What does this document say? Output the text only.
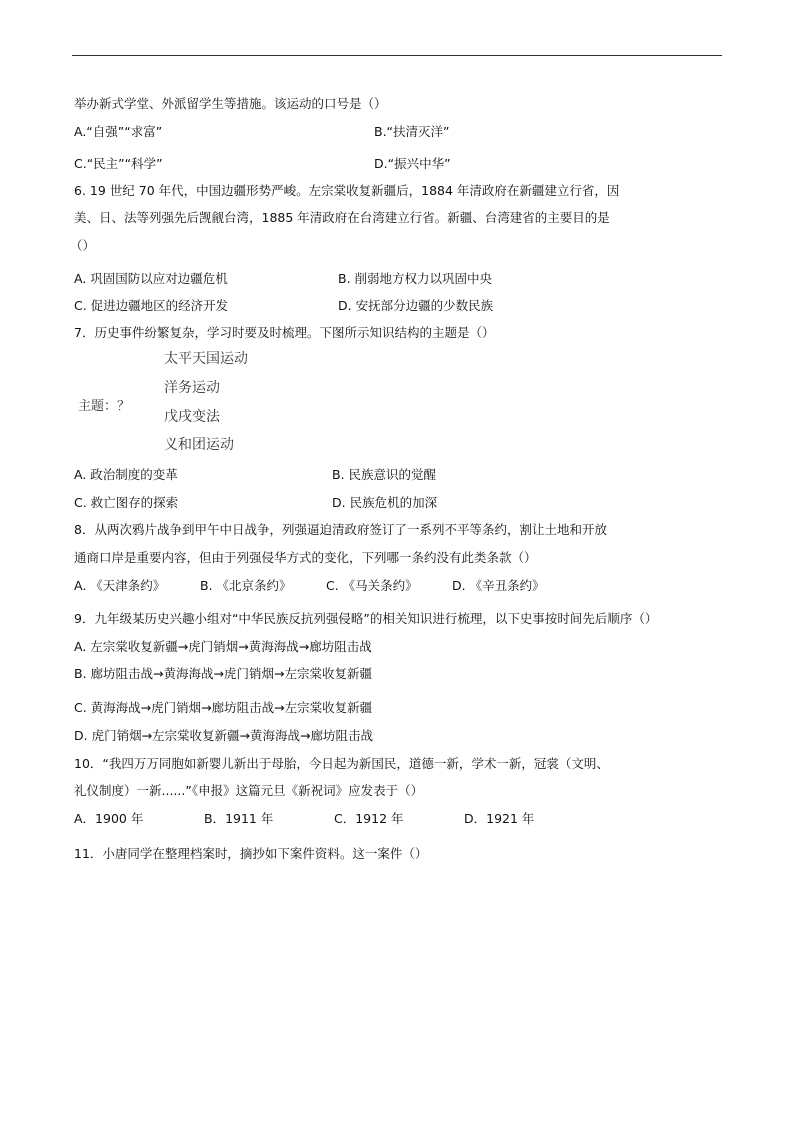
举办新式学堂、外派留学生等措施。该运动的口号是（）
A.“自强”“求富”	B.“扶清灭洋”
C.“民主”“科学”	D.“振兴中华”
6. 19 世纪 70 年代，中国边疆形势严峻。左宗棠收复新疆后，1884 年清政府在新疆建立行省，因
美、日、法等列强先后觊觎台湾，1885 年清政府在台湾建立行省。新疆、台湾建省的主要目的是
（）
A. 巩固国防以应对边疆危机	B. 削弱地方权力以巩固中央
C. 促进边疆地区的经济开发	D. 安抚部分边疆的少数民族
7．历史事件纷繁复杂，学习时要及时梳理。下图所示知识结构的主题是（）
太平天国运动
洋务运动
戊戌变法
义和团运动
主题：？
A. 政治制度的变革	B. 民族意识的觉醒
C. 救亡图存的探索	D. 民族危机的加深
8．从两次鸦片战争到甲午中日战争，列强逼迫清政府签订了一系列不平等条约，割让土地和开放
通商口岸是重要内容，但由于列强侵华方式的变化，下列哪一条约没有此类条款（）
A. 《天津条约》	B. 《北京条约》	C. 《马关条约》	D. 《辛丑条约》
9．九年级某历史兴趣小组对“中华民族反抗列强侵略”的相关知识进行梳理，以下史事按时间先后顺序（）
A. 左宗棠收复新疆→虎门销烟→黄海海战→廊坊阻击战
B. 廊坊阻击战→黄海海战→虎门销烟→左宗棠收复新疆
C. 黄海海战→虎门销烟→廊坊阻击战→左宗棠收复新疆
D. 虎门销烟→左宗棠收复新疆→黄海海战→廊坊阻击战
10．“我四万万同胞如新婴儿新出于母胎，今日起为新国民，道德一新，学术一新，冠裳（文明、
礼仪制度）一新......”《申报》这篇元旦《新祝词》应发表于（）
A．1900 年	B．1911 年	C．1912 年	D．1921 年
11．小唐同学在整理档案时，摘抄如下案件资料。这一案件（）
